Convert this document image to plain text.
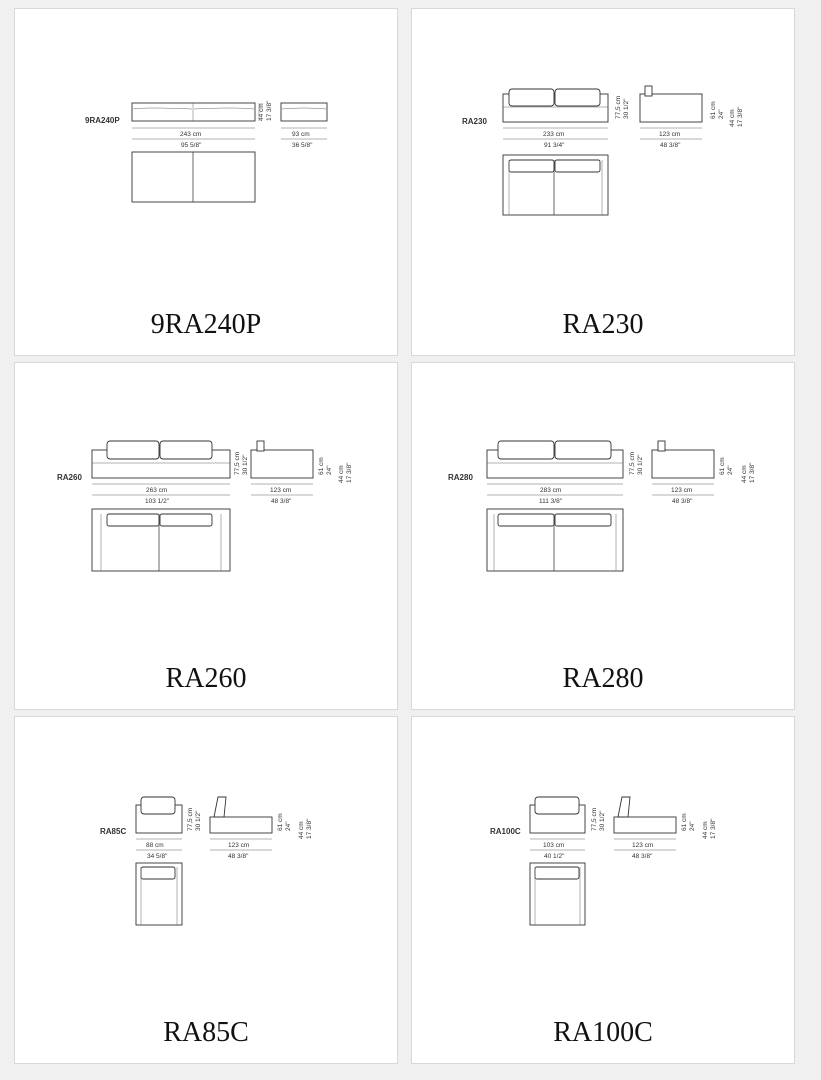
9RA240P	44 cm 17 3/8"
243 cm
95 5/8"
93 cm
36 5/8"
9RA240P
RA230
77,5 cm 30 1/2"
233 cm
91 3/4"
61 cm 24" 44 cm 17 3/8"
123 cm
48 3/8"
RA230
RA260
77,5 cm 30 1/2"
263 cm
103 1/2"
61 cm 24" 44 cm 17 3/8"
123 cm
48 3/8"
RA260
RA280
77,5 cm 30 1/2"
283 cm
111 3/8"
61 cm 24" 44 cm 17 3/8"
123 cm
48 3/8"
RA280
RA85C
77,5 cm 30 1/2"
88 cm
34 5/8"
61 cm 24" 44 cm 17 3/8"
123 cm
48 3/8"
RA85C
RA100C
77,5 cm 30 1/2"
103 cm
40 1/2"
61 cm 24" 44 cm 17 3/8"
123 cm
48 3/8"
RA100C
